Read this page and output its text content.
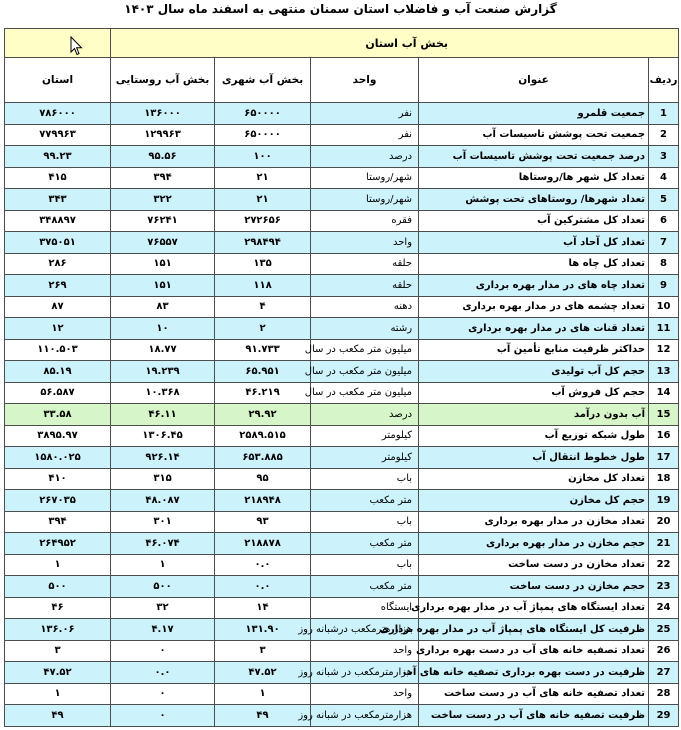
گزارش صنعت آب و فاضلاب استان سمنان منتهی به اسفند ماه سال ۱۴۰۳
بخش آب استان					
ردیف	عنوان	واحد	بخش آب شهری	بخش آب روستایی	استان
1	جمعیت قلمرو	نفر	۶۵۰۰۰۰	۱۳۶۰۰۰	۷۸۶۰۰۰
2	جمعیت تحت پوشش تاسیسات آب	نفر	۶۵۰۰۰۰	۱۲۹۹۶۳	۷۷۹۹۶۳
3	درصد جمعیت تحت پوشش تاسیسات آب	درصد	۱۰۰	۹۵.۵۶	۹۹.۲۳
4	تعداد کل شهر ها/روستاها	شهر/روستا	۲۱	۳۹۴	۴۱۵
5	تعداد شهرها/ روستاهای تحت پوشش	شهر/روستا	۲۱	۳۲۲	۳۴۳
6	تعداد کل مشترکین آب	فقره	۲۷۲۶۵۶	۷۶۲۴۱	۳۴۸۸۹۷
7	تعداد کل آحاد آب	واحد	۲۹۸۴۹۴	۷۶۵۵۷	۳۷۵۰۵۱
8	تعداد کل چاه ها	حلقه	۱۳۵	۱۵۱	۲۸۶
9	تعداد چاه های در مدار بهره برداری	حلقه	۱۱۸	۱۵۱	۲۶۹
10	تعداد چشمه های در مدار بهره برداری	دهنه	۴	۸۳	۸۷
11	تعداد قنات های در مدار بهره برداری	رشته	۲	۱۰	۱۲
12	حداکثر ظرفیت منابع تأمین آب	میلیون متر مکعب در سال	۹۱.۷۳۳	۱۸.۷۷	۱۱۰.۵۰۳
13	حجم کل آب تولیدی	میلیون متر مکعب در سال	۶۵.۹۵۱	۱۹.۲۳۹	۸۵.۱۹
14	حجم کل فروش آب	میلیون متر مکعب در سال	۴۶.۲۱۹	۱۰.۳۶۸	۵۶.۵۸۷
15	آب بدون درآمد	درصد	۲۹.۹۲	۴۶.۱۱	۳۳.۵۸
16	طول شبکه توزیع آب	کیلومتر	۲۵۸۹.۵۱۵	۱۳۰۶.۴۵	۳۸۹۵.۹۷
17	طول خطوط انتقال آب	کیلومتر	۶۵۳.۸۸۵	۹۲۶.۱۴	۱۵۸۰.۰۲۵
18	تعداد کل مخازن	باب	۹۵	۳۱۵	۴۱۰
19	حجم کل مخازن	متر مکعب	۲۱۸۹۴۸	۴۸.۰۸۷	۲۶۷۰۳۵
20	تعداد مخازن در مدار بهره برداری	باب	۹۳	۳۰۱	۳۹۴
21	حجم مخازن در مدار بهره برداری	متر مکعب	۲۱۸۸۷۸	۴۶.۰۷۴	۲۶۴۹۵۲
22	تعداد مخازن در دست ساخت	باب	۰.۰	۱	۱
23	حجم مخازن در دست ساخت	متر مکعب	۰.۰	۵۰۰	۵۰۰
24	تعداد ایستگاه های پمپاژ آب در مدار بهره برداری	ایستگاه	۱۴	۳۲	۴۶
25	ظرفیت کل ایستگاه های پمپاژ آب در مدار بهره برداری	هزار مترمکعب درشبانه روز	۱۳۱.۹۰	۴.۱۷	۱۳۶.۰۶
26	تعداد تصفیه خانه های آب در دست بهره برداری	واحد	۳	۰	۳
27	ظرفیت در دست بهره برداری تصفیه خانه های آب	هزارمترمکعب در شبانه روز	۴۷.۵۲	۰.۰	۴۷.۵۲
28	تعداد تصفیه خانه های آب در دست ساخت	واحد	۱	۰	۱
29	ظرفیت تصفیه خانه های آب در دست ساخت	هزارمترمکعب در شبانه روز	۴۹	۰	۴۹
